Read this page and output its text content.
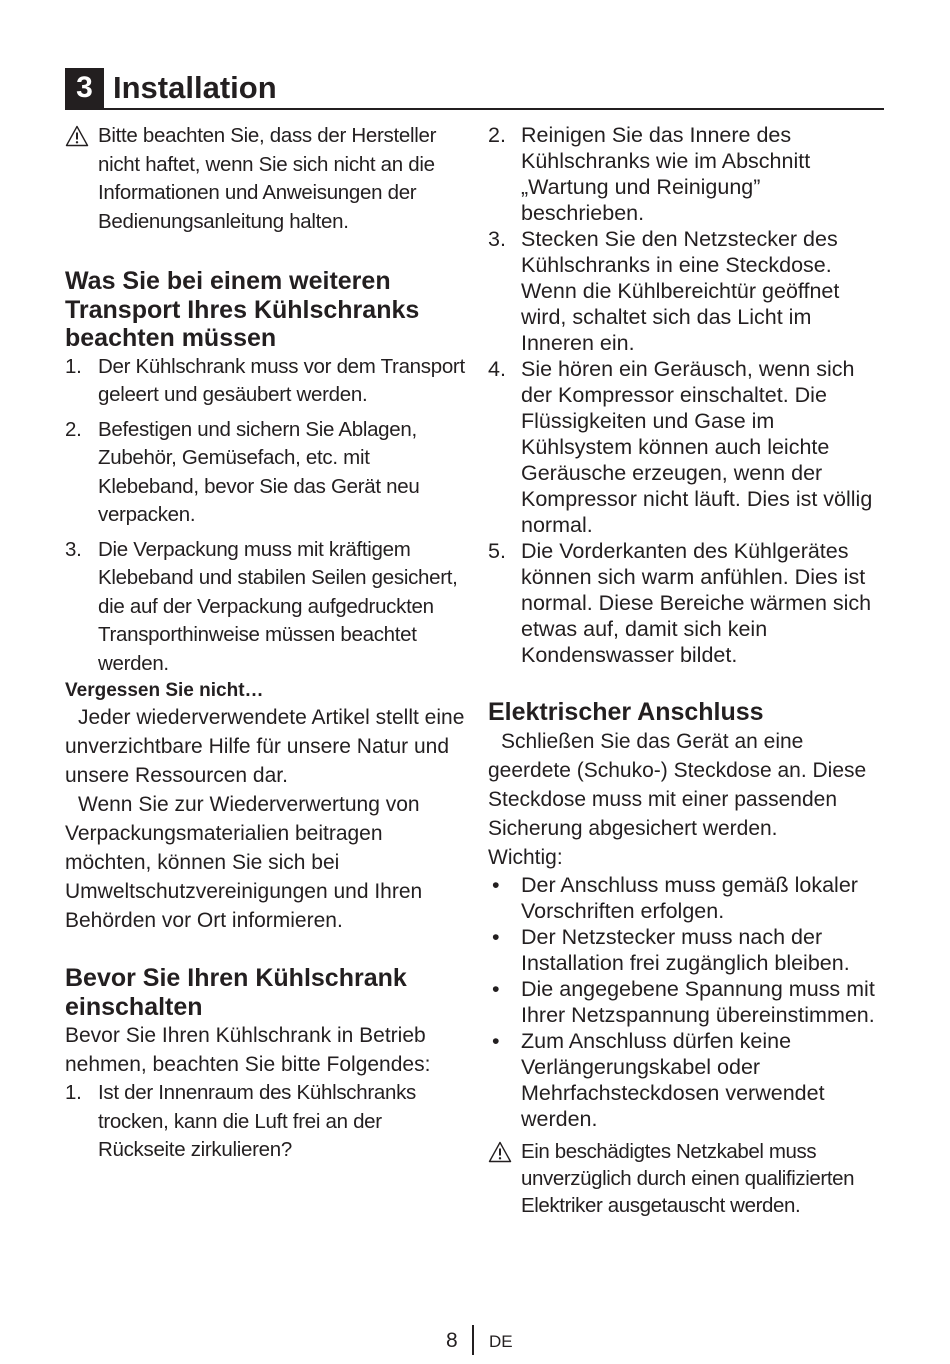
3 Installation
Bitte beachten Sie, dass der Hersteller nicht haftet, wenn Sie sich nicht an die Informationen und Anweisungen der Bedienungsanleitung halten.
Was Sie bei einem weiteren Transport Ihres Kühlschranks beachten müssen
1. Der Kühlschrank muss vor dem Transport geleert und gesäubert werden.
2. Befestigen und sichern Sie Ablagen, Zubehör, Gemüsefach, etc. mit Klebeband, bevor Sie das Gerät neu verpacken.
3. Die Verpackung muss mit kräftigem Klebeband und stabilen Seilen gesichert, die auf der Verpackung aufgedruckten Transporthinweise müssen beachtet werden.
Vergessen Sie nicht…
Jeder wiederverwendete Artikel stellt eine unverzichtbare Hilfe für unsere Natur und unsere Ressourcen dar.
Wenn Sie zur Wiederverwertung von Verpackungsmaterialien beitragen möchten, können Sie sich bei Umweltschutzvereinigungen und Ihren Behörden vor Ort informieren.
Bevor Sie Ihren Kühlschrank einschalten
Bevor Sie Ihren Kühlschrank in Betrieb nehmen, beachten Sie bitte Folgendes:
1. Ist der Innenraum des Kühlschranks trocken, kann die Luft frei an der Rückseite zirkulieren?
2. Reinigen Sie das Innere des Kühlschranks wie im Abschnitt „Wartung und Reinigung” beschrieben.
3. Stecken Sie den Netzstecker des Kühlschranks in eine Steckdose. Wenn die Kühlbereichtür geöffnet wird, schaltet sich das Licht im Inneren ein.
4. Sie hören ein Geräusch, wenn sich der Kompressor einschaltet. Die Flüssigkeiten und Gase im Kühlsystem können auch leichte Geräusche erzeugen, wenn der Kompressor nicht läuft. Dies ist völlig normal.
5. Die Vorderkanten des Kühlgerätes können sich warm anfühlen. Dies ist normal. Diese Bereiche wärmen sich etwas auf, damit sich kein Kondenswasser bildet.
Elektrischer Anschluss
Schließen Sie das Gerät an eine geerdete (Schuko-) Steckdose an. Diese Steckdose muss mit einer passenden Sicherung abgesichert werden.
Wichtig:
• Der Anschluss muss gemäß lokaler Vorschriften erfolgen.
• Der Netzstecker muss nach der Installation frei zugänglich bleiben.
• Die angegebene Spannung muss mit Ihrer Netzspannung übereinstimmen.
• Zum Anschluss dürfen keine Verlängerungskabel oder Mehrfachsteckdosen verwendet werden.
Ein beschädigtes Netzkabel muss unverzüglich durch einen qualifizierten Elektriker ausgetauscht werden.
8 DE
